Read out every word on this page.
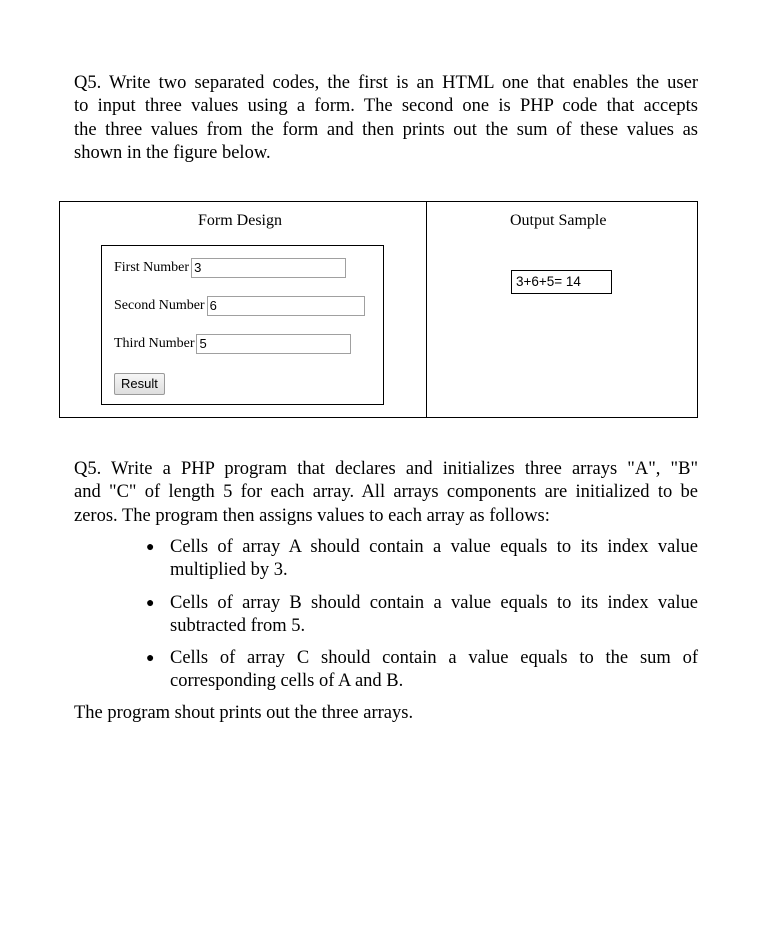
Q5. Write two separated codes, the first is an HTML one that enables the user
to input three values using a form. The second one is PHP code that accepts
the three values from the form and then prints out the sum of these values as
shown in the figure below.
Form Design	Output Sample
First Number 3
Second Number 6
Third Number 5
Result
3+6+5= 14
Q5. Write a PHP program that declares and initializes three arrays "A", "B"
and "C" of length 5 for each array. All arrays components are initialized to be
zeros. The program then assigns values to each array as follows:
● Cells of array A should contain a value equals to its index value
multiplied by 3.
● Cells of array B should contain a value equals to its index value
subtracted from 5.
● Cells of array C should contain a value equals to the sum of
corresponding cells of A and B.
The program shout prints out the three arrays.
